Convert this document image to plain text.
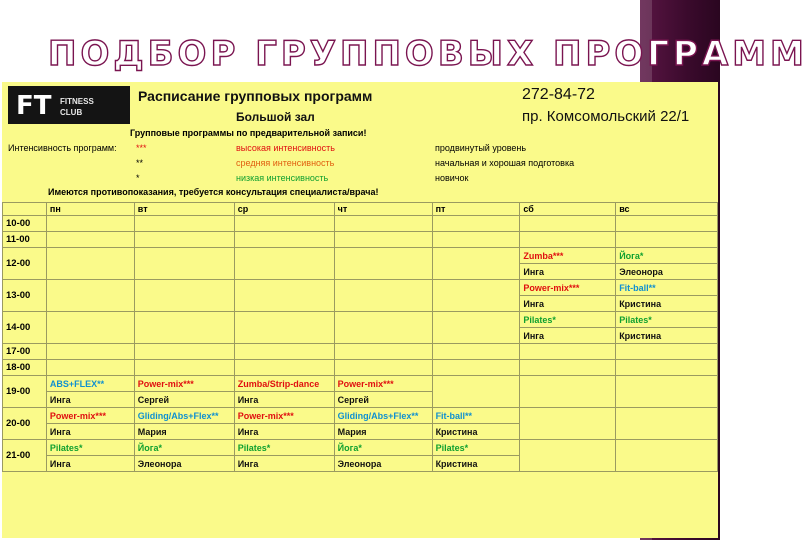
ПОДБОР ГРУППОВЫХ ПРОГРАММ
FT FITNESS
CLUB
Расписание групповых программ
Большой зал
272-84-72
пр. Комсомольский 22/1
Групповые программы по предварительной записи!
Интенсивность программ: ***	высокая интенсивность	продвинутый уровень
**	средняя интенсивность	начальная и хорошая подготовка
*	низкая интенсивность	новичок
Имеются противопоказания, требуется консультация специалиста/врача!
	пн	вт	ср	чт	пт	сб	вс
10-00							

11-00							

12-00						Zumba***	Йога*
						Инга	Элеонора
13-00						Power-mix***	Fit-ball**
						Инга	Кристина
14-00						Pilates*	Pilates*
						Инга	Кристина
17-00							

18-00							

19-00	ABS+FLEX**	Power-mix***	Zumba/Strip-dance	Power-mix***			
	Инга	Сергей	Инга	Сергей			
20-00	Power-mix***	Gliding/Abs+Flex**	Power-mix***	Gliding/Abs+Flex**	Fit-ball**		
	Инга	Мария	Инга	Мария	Кристина		
21-00	Pilates*	Йога*	Pilates*	Йога*	Pilates*		
	Инга	Элеонора	Инга	Элеонора	Кристина		
